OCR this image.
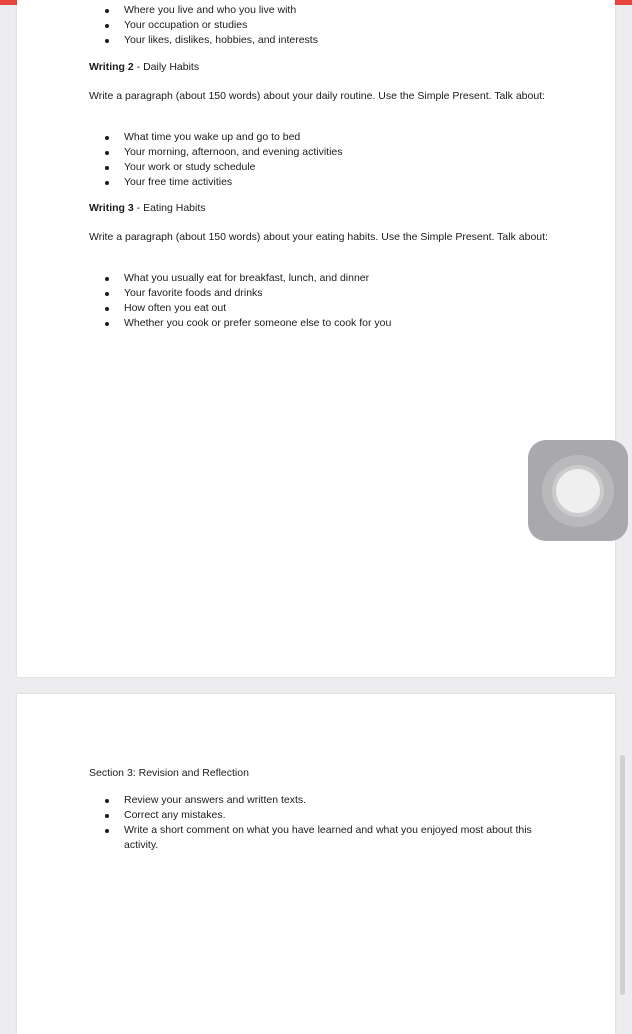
Where you live and who you live with
Your occupation or studies
Your likes, dislikes, hobbies, and interests

Writing 2 - Daily Habits

Write a paragraph (about 150 words) about your daily routine. Use the Simple Present. Talk about:

What time you wake up and go to bed
Your morning, afternoon, and evening activities
Your work or study schedule
Your free time activities

Writing 3 - Eating Habits

Write a paragraph (about 150 words) about your eating habits. Use the Simple Present. Talk about:

What you usually eat for breakfast, lunch, and dinner
Your favorite foods and drinks
How often you eat out
Whether you cook or prefer someone else to cook for you

Section 3: Revision and Reflection

Review your answers and written texts.
Correct any mistakes.
Write a short comment on what you have learned and what you enjoyed most about this activity.
